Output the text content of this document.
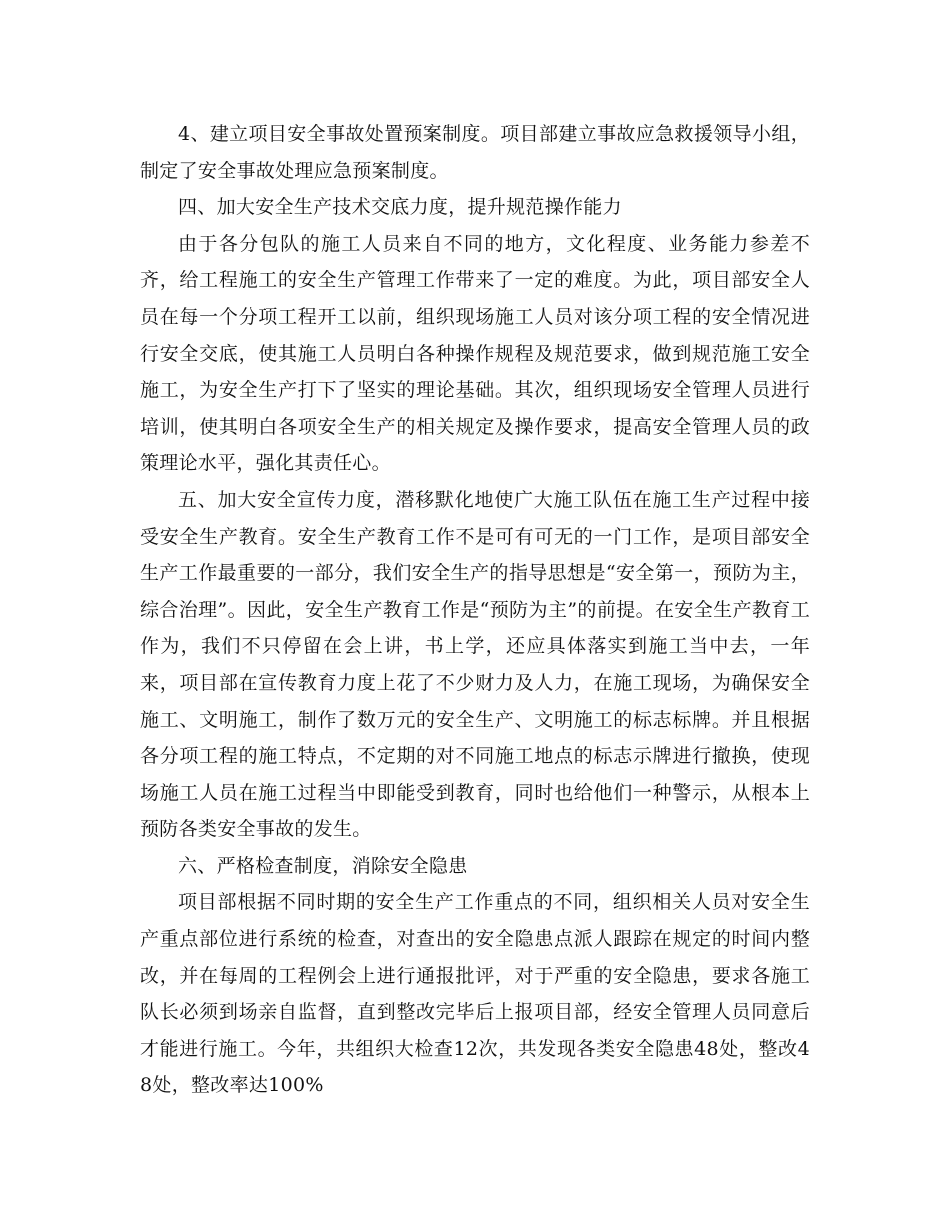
4、建立项目安全事故处置预案制度。项目部建立事故应急救援领导小组，制定了安全事故处理应急预案制度。

四、加大安全生产技术交底力度，提升规范操作能力

由于各分包队的施工人员来自不同的地方，文化程度、业务能力参差不齐，给工程施工的安全生产管理工作带来了一定的难度。为此，项目部安全人员在每一个分项工程开工以前，组织现场施工人员对该分项工程的安全情况进行安全交底，使其施工人员明白各种操作规程及规范要求，做到规范施工安全施工，为安全生产打下了坚实的理论基础。其次，组织现场安全管理人员进行培训，使其明白各项安全生产的相关规定及操作要求，提高安全管理人员的政策理论水平，强化其责任心。

五、加大安全宣传力度，潜移默化地使广大施工队伍在施工生产过程中接受安全生产教育。安全生产教育工作不是可有可无的一门工作，是项目部安全生产工作最重要的一部分，我们安全生产的指导思想是“安全第一，预防为主，综合治理”。因此，安全生产教育工作是“预防为主”的前提。在安全生产教育工作为，我们不只停留在会上讲，书上学，还应具体落实到施工当中去，一年来，项目部在宣传教育力度上花了不少财力及人力，在施工现场，为确保安全施工、文明施工，制作了数万元的安全生产、文明施工的标志标牌。并且根据各分项工程的施工特点，不定期的对不同施工地点的标志示牌进行撤换，使现场施工人员在施工过程当中即能受到教育，同时也给他们一种警示，从根本上预防各类安全事故的发生。

六、严格检查制度，消除安全隐患

项目部根据不同时期的安全生产工作重点的不同，组织相关人员对安全生产重点部位进行系统的检查，对查出的安全隐患点派人跟踪在规定的时间内整改，并在每周的工程例会上进行通报批评，对于严重的安全隐患，要求各施工队长必须到场亲自监督，直到整改完毕后上报项目部，经安全管理人员同意后才能进行施工。今年，共组织大检查12次，共发现各类安全隐患48处，整改48处，整改率达100%
